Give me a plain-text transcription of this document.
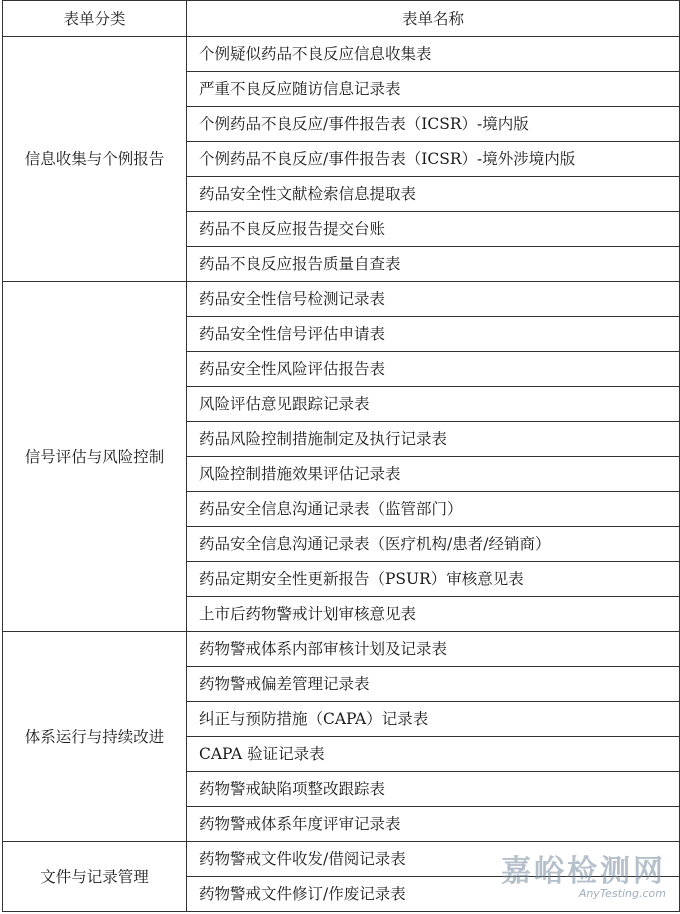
表单分类	表单名称
信息收集与个例报告	个例疑似药品不良反应信息收集表
	严重不良反应随访信息记录表
	个例药品不良反应/事件报告表（ICSR）-境内版
	个例药品不良反应/事件报告表（ICSR）-境外涉境内版
	药品安全性文献检索信息提取表
	药品不良反应报告提交台账
	药品不良反应报告质量自查表
信号评估与风险控制	药品安全性信号检测记录表
	药品安全性信号评估申请表
	药品安全性风险评估报告表
	风险评估意见跟踪记录表
	药品风险控制措施制定及执行记录表
	风险控制措施效果评估记录表
	药品安全信息沟通记录表（监管部门）
	药品安全信息沟通记录表（医疗机构/患者/经销商）
	药品定期安全性更新报告（PSUR）审核意见表
	上市后药物警戒计划审核意见表
体系运行与持续改进	药物警戒体系内部审核计划及记录表
	药物警戒偏差管理记录表
	纠正与预防措施（CAPA）记录表
	CAPA 验证记录表
	药物警戒缺陷项整改跟踪表
	药物警戒体系年度评审记录表
文件与记录管理	药物警戒文件收发/借阅记录表
	药物警戒文件修订/作废记录表
嘉峪检测网
AnyTesting.com
